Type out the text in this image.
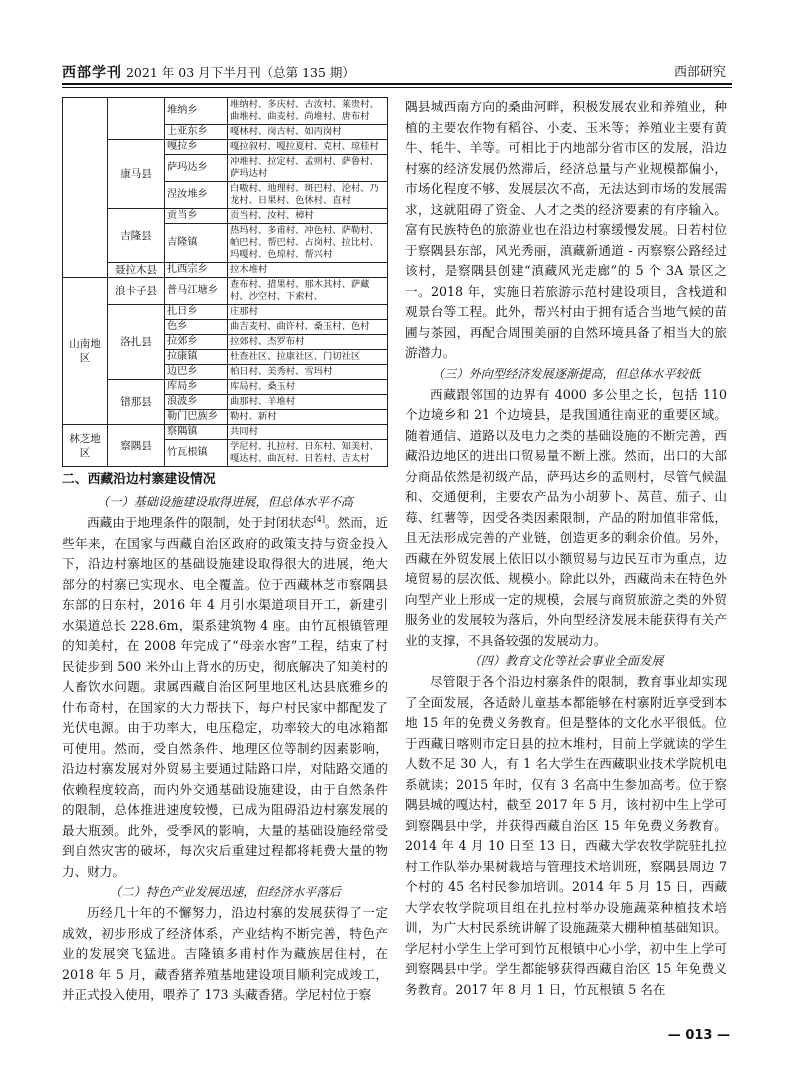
西部学刊 2021 年 03 月下半月刊（总第 135 期）	西部研究
		堆纳乡	堆纳村、多庆村、古汝村、莱贵村、曲堆村、曲麦村、尚堆村、唐布村
		上亚东乡	嘎林村、岗古村、如丙岗村
	康马县	嘎拉乡	嘎拉叙村、嘎拉夏村、克村、琼桂村
		萨玛达乡	冲堆村、拉定村、孟则村、萨鲁村、萨玛达村
		涅汝堆乡	白嗷村、地理村、斑巴村、沦村、乃龙村、日果村、色休村、直村
	吉隆县	贡当乡	贡当村、汝村、樟村
		吉隆镇	热玛村、多甫村、冲色村、萨勒村、帕巴村、帮巴村、占岗村、拉比村、玛嘎村、色琼村、帮兴村
	聂拉木县	扎西宗乡	拉木堆村
山南地区	浪卡子县	普马江塘乡	查布村、措果村、那木其村、萨藏村、沙空村、下索村、
	洛扎县	扎日乡	庄那村
		色乡	曲吉麦村、曲许村、桑玉村、色村
		拉郊乡	拉郊村、杰罗布村
		拉康镇	杜查社区、拉康社区、门切社区
		边巴乡	柏日村、美秀村、雪玛村
	错那县	库局乡	库局村、桑玉村
		浪波乡	曲那村、羊堆村
		勒门巴族乡	勒村、新村
林芝地区	察隅县	察隅镇	共同村
		竹瓦根镇	学尼村、扎拉村、日东村、知美村、嘎达村、曲瓦村、日若村、吉太村
二、西藏沿边村寨建设情况
（一）基础设施建设取得进展，但总体水平不高

西藏由于地理条件的限制，处于封闭状态[4]。然而，近些年来，在国家与西藏自治区政府的政策支持与资金投入下，沿边村寨地区的基础设施建设取得很大的进展，绝大部分的村寨已实现水、电全覆盖。位于西藏林芝市察隅县东部的日东村，2016 年 4 月引水渠道项目开工，新建引水渠道总长 228.6m，渠系建筑物 4 座。由竹瓦根镇管理的知美村，在 2008 年完成了“母亲水窖”工程，结束了村民徒步到 500 米外山上背水的历史，彻底解决了知美村的人畜饮水问题。隶属西藏自治区阿里地区札达县底雅乡的什布奇村，在国家的大力帮扶下，每户村民家中都配发了光伏电源。由于功率大，电压稳定，功率较大的电冰箱都可使用。然而，受自然条件、地理区位等制约因素影响，沿边村寨发展对外贸易主要通过陆路口岸，对陆路交通的依赖程度较高，而内外交通基础设施建设，由于自然条件的限制，总体推进速度较慢，已成为阻碍沿边村寨发展的最大瓶颈。此外，受季风的影响，大量的基础设施经常受到自然灾害的破坏，每次灾后重建过程都将耗费大量的物力、财力。

（二）特色产业发展迅速，但经济水平落后

历经几十年的不懈努力，沿边村寨的发展获得了一定成效，初步形成了经济体系，产业结构不断完善，特色产业的发展突飞猛进。吉隆镇多甫村作为藏族居住村，在 2018 年 5 月，藏香猪养殖基地建设项目顺利完成竣工，并正式投入使用，喂养了 173 头藏香猪。学尼村位于察

隅县城西南方向的桑曲河畔，积极发展农业和养殖业，种植的主要农作物有稻谷、小麦、玉米等；养殖业主要有黄牛、牦牛、羊等。可相比于内地部分省市区的发展，沿边村寨的经济发展仍然滞后，经济总量与产业规模都偏小，市场化程度不够、发展层次不高，无法达到市场的发展需求，这就阻碍了资金、人才之类的经济要素的有序输入。富有民族特色的旅游业也在沿边村寨缓慢发展。日若村位于察隅县东部，风光秀丽，滇藏新通道 - 丙察察公路经过该村，是察隅县创建“滇藏风光走廊”的 5 个 3A 景区之一。2018 年，实施日若旅游示范村建设项目，含栈道和观景台等工程。此外，帮兴村由于拥有适合当地气候的苗圃与茶园，再配合周围美丽的自然环境具备了相当大的旅游潜力。

（三）外向型经济发展逐渐提高，但总体水平较低

西藏跟邻国的边界有 4000 多公里之长，包括 110 个边境乡和 21 个边境县，是我国通往南亚的重要区域。随着通信、道路以及电力之类的基础设施的不断完善，西藏沿边地区的进出口贸易量不断上涨。然而，出口的大部分商品依然是初级产品，萨玛达乡的孟则村，尽管气候温和、交通便利，主要农产品为小胡萝卜、莴苣、茄子、山莓、红薯等，因受各类因素限制，产品的附加值非常低，且无法形成完善的产业链，创造更多的剩余价值。另外，西藏在外贸发展上依旧以小额贸易与边民互市为重点，边境贸易的层次低、规模小。除此以外，西藏尚未在特色外向型产业上形成一定的规模，会展与商贸旅游之类的外贸服务业的发展较为落后，外向型经济发展未能获得有关产业的支撑，不具备较强的发展动力。

（四）教育文化等社会事业全面发展

尽管限于各个沿边村寨条件的限制，教育事业却实现了全面发展，各适龄儿童基本都能够在村寨附近享受到本地 15 年的免费义务教育。但是整体的文化水平很低。位于西藏日喀则市定日县的拉木堆村，目前上学就读的学生人数不足 30 人，有 1 名大学生在西藏职业技术学院机电系就读；2015 年时，仅有 3 名高中生参加高考。位于察隅县城的嘎达村，截至 2017 年 5 月，该村初中生上学可到察隅县中学，并获得西藏自治区 15 年免费义务教育。2014 年 4 月 10 日至 13 日，西藏大学农牧学院驻扎拉村工作队举办果树栽培与管理技术培训班，察隅县周边 7 个村的 45 名村民参加培训。2014 年 5 月 15 日，西藏大学农牧学院项目组在扎拉村举办设施蔬菜种植技术培训，为广大村民系统讲解了设施蔬菜大棚种植基础知识。学尼村小学生上学可到竹瓦根镇中心小学，初中生上学可到察隅县中学。学生都能够获得西藏自治区 15 年免费义务教育。2017 年 8 月 1 日，竹瓦根镇 5 名在

— 013 —
